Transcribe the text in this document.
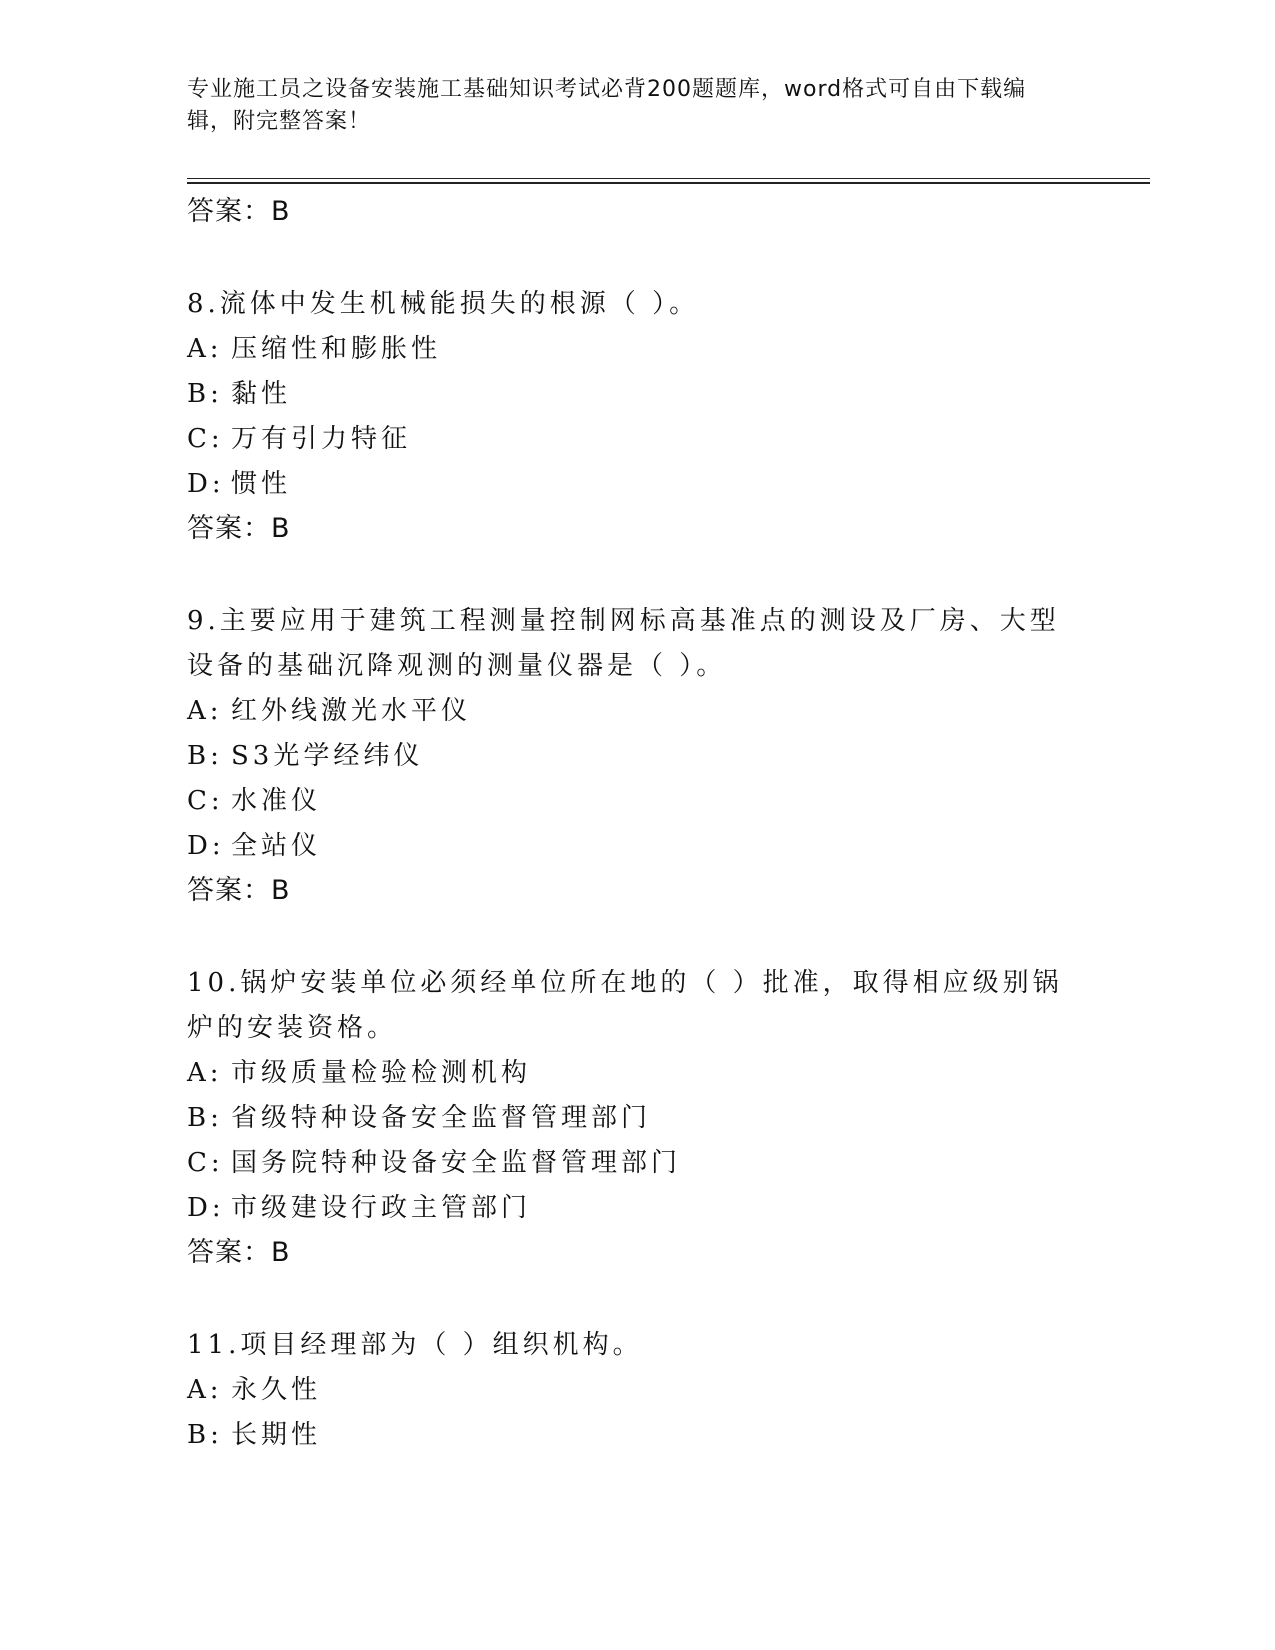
专业施工员之设备安装施工基础知识考试必背200题题库，word格式可自由下载编辑，附完整答案！
答案：B
8.流体中发生机械能损失的根源（ ）。
A: 压缩性和膨胀性
B: 黏性
C: 万有引力特征
D: 惯性
答案：B
9.主要应用于建筑工程测量控制网标高基准点的测设及厂房、大型设备的基础沉降观测的测量仪器是（ ）。
A: 红外线激光水平仪
B: S3光学经纬仪
C: 水准仪
D: 全站仪
答案：B
10.锅炉安装单位必须经单位所在地的（ ）批准，取得相应级别锅炉的安装资格。
A: 市级质量检验检测机构
B: 省级特种设备安全监督管理部门
C: 国务院特种设备安全监督管理部门
D: 市级建设行政主管部门
答案：B
11.项目经理部为（ ）组织机构。
A: 永久性
B: 长期性
